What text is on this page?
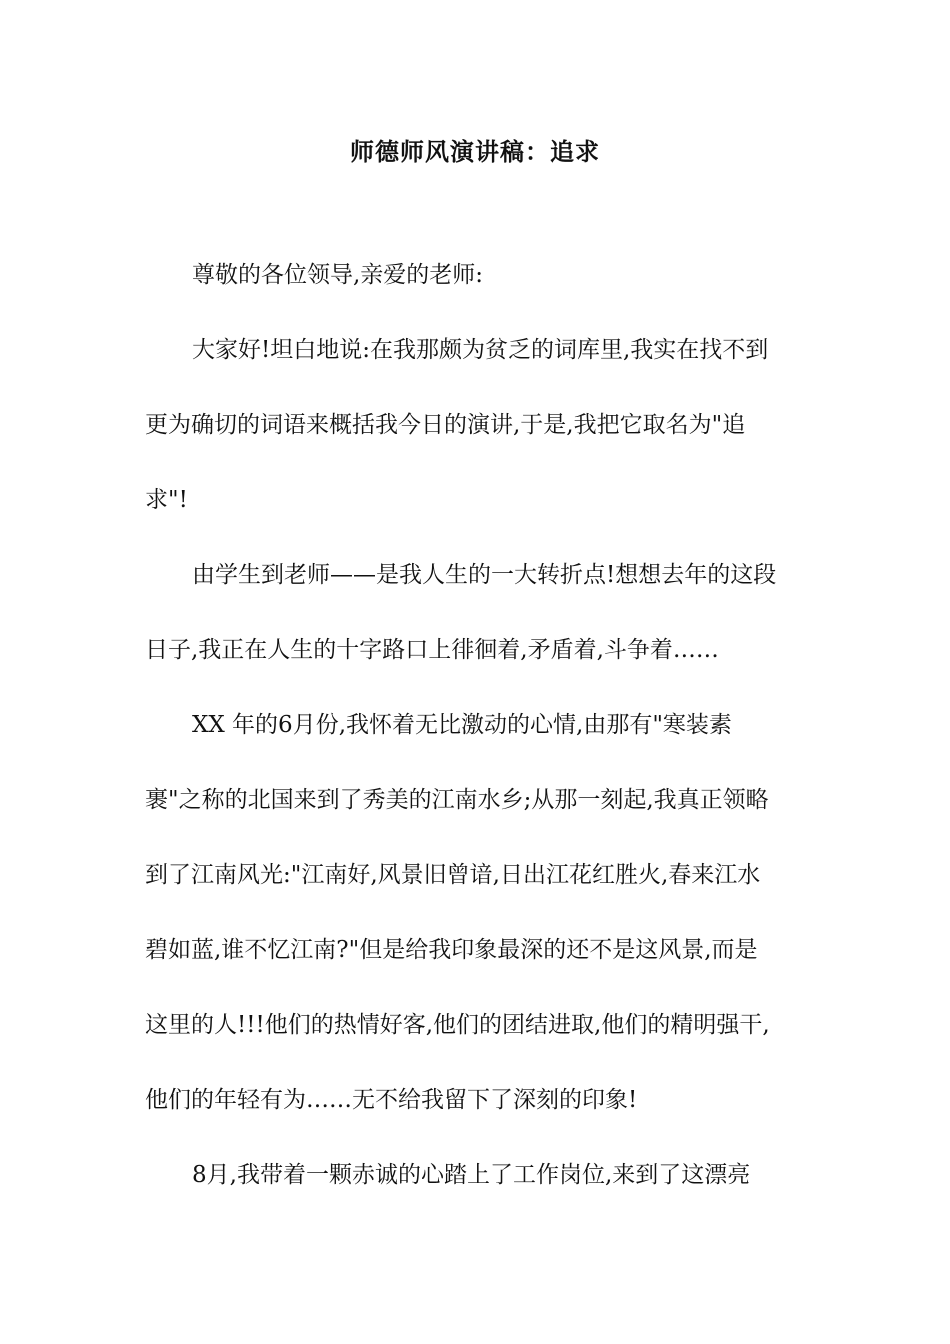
师德师风演讲稿：追求
尊敬的各位领导,亲爱的老师:
大家好!坦白地说:在我那颇为贫乏的词库里,我实在找不到
更为确切的词语来概括我今日的演讲,于是,我把它取名为"追
求"!
由学生到老师——是我人生的一大转折点!想想去年的这段
日子,我正在人生的十字路口上徘徊着,矛盾着,斗争着……
XX 年的6月份,我怀着无比激动的心情,由那有"寒装素
裹"之称的北国来到了秀美的江南水乡;从那一刻起,我真正领略
到了江南风光:"江南好,风景旧曾谙,日出江花红胜火,春来江水
碧如蓝,谁不忆江南?"但是给我印象最深的还不是这风景,而是
这里的人!!!他们的热情好客,他们的团结进取,他们的精明强干,
他们的年轻有为……无不给我留下了深刻的印象!
8月,我带着一颗赤诚的心踏上了工作岗位,来到了这漂亮
